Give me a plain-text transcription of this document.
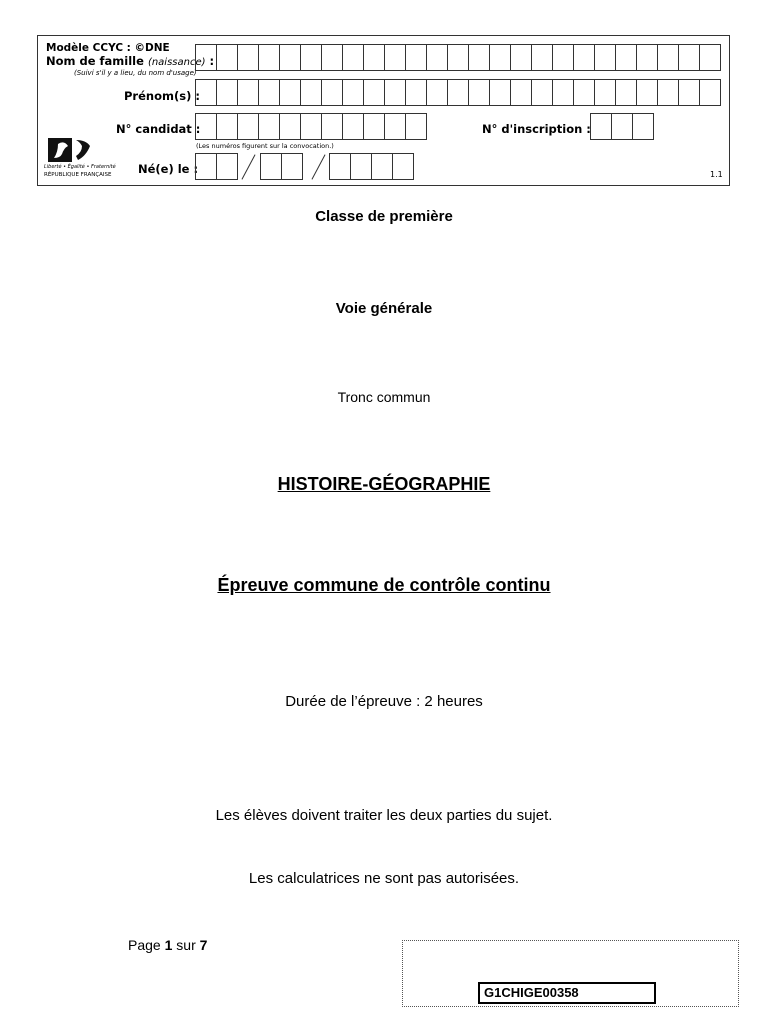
Modèle CCYC : ©DNE
Nom de famille (naissance) :
(Suivi s'il y a lieu, du nom d'usage)
Prénom(s) :
N° candidat :
(Les numéros figurent sur la convocation.)
N° d'inscription :
Liberté • Égalité • Fraternité
RÉPUBLIQUE FRANÇAISE Né(e) le :	1.1
Classe de première
Voie générale
Tronc commun
HISTOIRE-GÉOGRAPHIE
Épreuve commune de contrôle continu
Durée de l’épreuve : 2 heures
Les élèves doivent traiter les deux parties du sujet.
Les calculatrices ne sont pas autorisées.
Page 1 sur 7
G1CHIGE00358
